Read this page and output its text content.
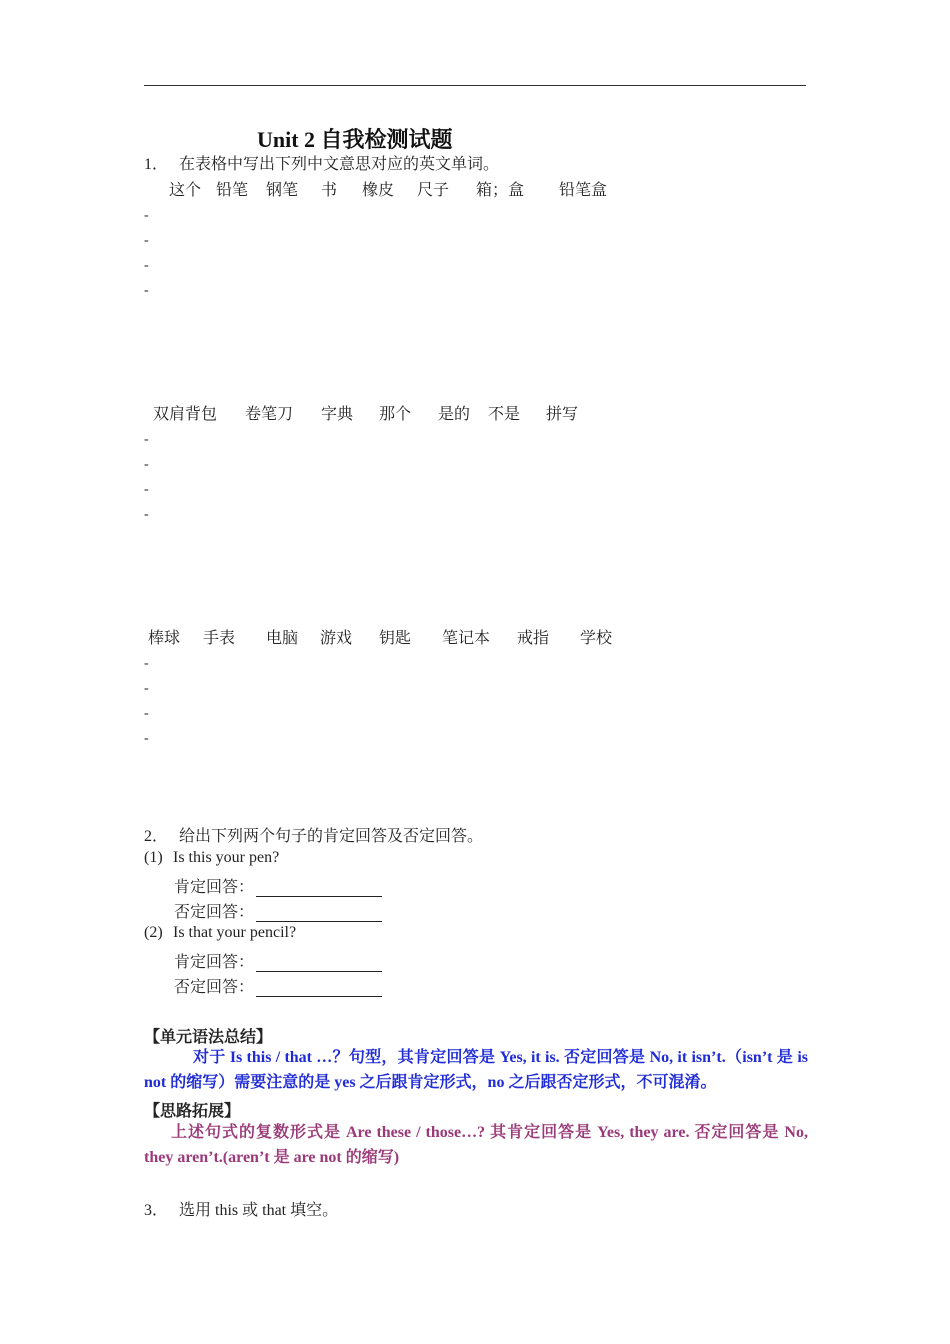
Unit 2 自我检测试题
1． 在表格中写出下列中文意思对应的英文单词。
这个 铅笔 钢笔 书 橡皮 尺子 箱；盒 铅笔盒
-
-
-
-
双肩背包 卷笔刀 字典 那个 是的 不是 拼写
-
-
-
-
棒球 手表 电脑 游戏 钥匙 笔记本 戒指 学校
-
-
-
-
2． 给出下列两个句子的肯定回答及否定回答。
(1) Is this your pen?
肯定回答：
否定回答：
(2) Is that your pencil?
肯定回答：
否定回答：
【单元语法总结】
对于 Is this / that …？句型，其肯定回答是 Yes, it is. 否定回答是 No, it isn’t.（isn’t 是 is not 的缩写）需要注意的是 yes 之后跟肯定形式，no 之后跟否定形式，不可混淆。
【思路拓展】
上述句式的复数形式是 Are these / those…? 其肯定回答是 Yes, they are. 否定回答是 No, they aren’t.(aren’t 是 are not 的缩写)
3． 选用 this 或 that 填空。
